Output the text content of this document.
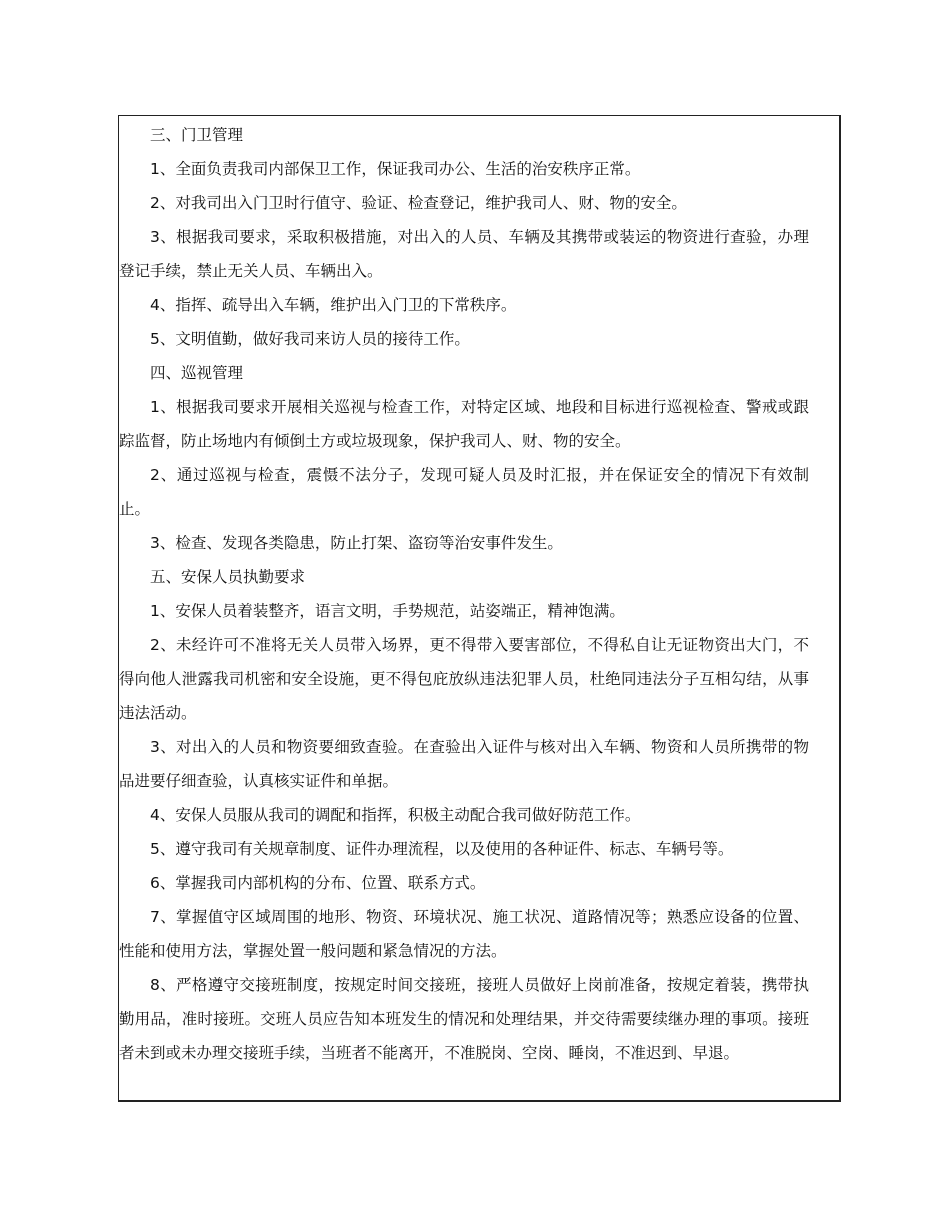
三、门卫管理

1、全面负责我司内部保卫工作，保证我司办公、生活的治安秩序正常。

2、对我司出入门卫时行值守、验证、检查登记，维护我司人、财、物的安全。

3、根据我司要求，采取积极措施，对出入的人员、车辆及其携带或装运的物资进行查验，办理登记手续，禁止无关人员、车辆出入。

4、指挥、疏导出入车辆，维护出入门卫的下常秩序。

5、文明值勤，做好我司来访人员的接待工作。

四、巡视管理

1、根据我司要求开展相关巡视与检查工作，对特定区域、地段和目标进行巡视检查、警戒或跟踪监督，防止场地内有倾倒土方或垃圾现象，保护我司人、财、物的安全。

2、通过巡视与检查，震慑不法分子，发现可疑人员及时汇报，并在保证安全的情况下有效制止。

3、检查、发现各类隐患，防止打架、盗窃等治安事件发生。

五、安保人员执勤要求

1、安保人员着装整齐，语言文明，手势规范，站姿端正，精神饱满。

2、未经许可不准将无关人员带入场界，更不得带入要害部位，不得私自让无证物资出大门，不得向他人泄露我司机密和安全设施，更不得包庇放纵违法犯罪人员，杜绝同违法分子互相勾结，从事违法活动。

3、对出入的人员和物资要细致查验。在查验出入证件与核对出入车辆、物资和人员所携带的物品进要仔细查验，认真核实证件和单据。

4、安保人员服从我司的调配和指挥，积极主动配合我司做好防范工作。

5、遵守我司有关规章制度、证件办理流程，以及使用的各种证件、标志、车辆号等。

6、掌握我司内部机构的分布、位置、联系方式。

7、掌握值守区域周围的地形、物资、环境状况、施工状况、道路情况等；熟悉应设备的位置、性能和使用方法，掌握处置一般问题和紧急情况的方法。

8、严格遵守交接班制度，按规定时间交接班，接班人员做好上岗前准备，按规定着装，携带执勤用品，准时接班。交班人员应告知本班发生的情况和处理结果，并交待需要续继办理的事项。接班者未到或未办理交接班手续，当班者不能离开，不准脱岗、空岗、睡岗，不准迟到、早退。
